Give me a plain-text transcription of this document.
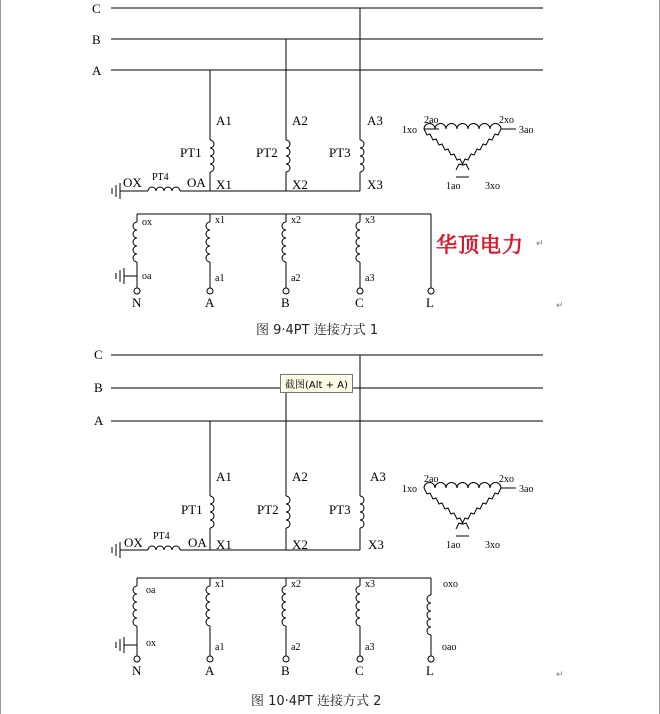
C
B
A
A1	A2	A3
PT1	PT2	PT3
X1	X2	X3
OX PT4 OA
ox	x1	x2	x3
oa	a1	a2	a3
N	A	B	C	L
2ao	2xo
1xo	3ao
1ao 3xo
华顶电力 ↵
↵
图 9·4PT 连接方式 1
C
B
A
截图(Alt + A)
A1	A2	A3
PT1	PT2	PT3
X1	X2	X3
OX PT4 OA
oa
x1	x2	x3	oxo
ox	a1	a2	a3	oao
N	A	B	C	L
2ao	2xo
1xo	3ao
1ao 3xo
↵
图 10·4PT 连接方式 2
